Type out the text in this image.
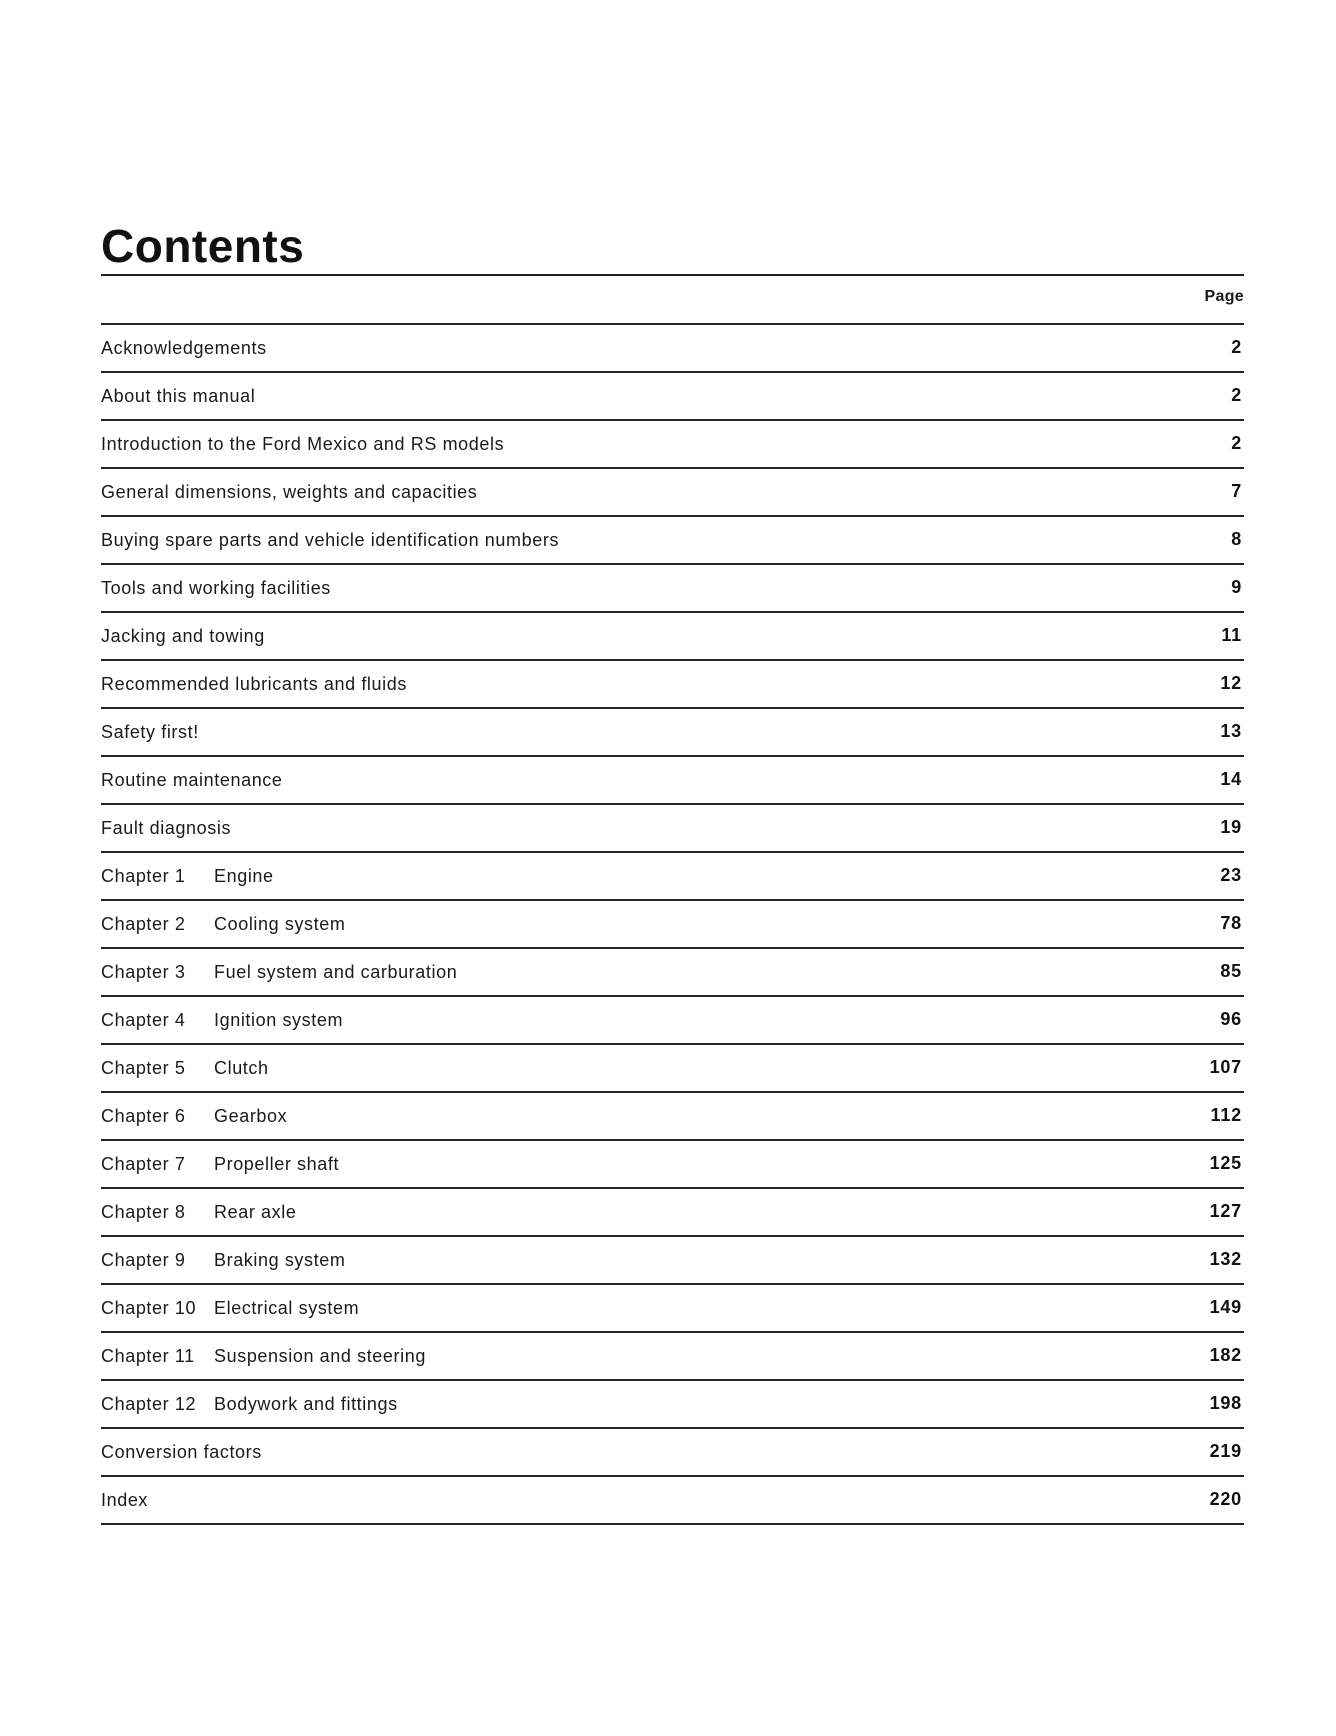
Contents
Page
Acknowledgements	2
About this manual	2
Introduction to the Ford Mexico and RS models	2
General dimensions, weights and capacities	7
Buying spare parts and vehicle identification numbers	8
Tools and working facilities	9
Jacking and towing	11
Recommended lubricants and fluids	12
Safety first!	13
Routine maintenance	14
Fault diagnosis	19
Chapter 1 Engine	23
Chapter 2 Cooling system	78
Chapter 3 Fuel system and carburation	85
Chapter 4 Ignition system	96
Chapter 5 Clutch	107
Chapter 6 Gearbox	112
Chapter 7 Propeller shaft	125
Chapter 8 Rear axle	127
Chapter 9 Braking system	132
Chapter 10 Electrical system	149
Chapter 11 Suspension and steering	182
Chapter 12 Bodywork and fittings	198
Conversion factors	219
Index	220
